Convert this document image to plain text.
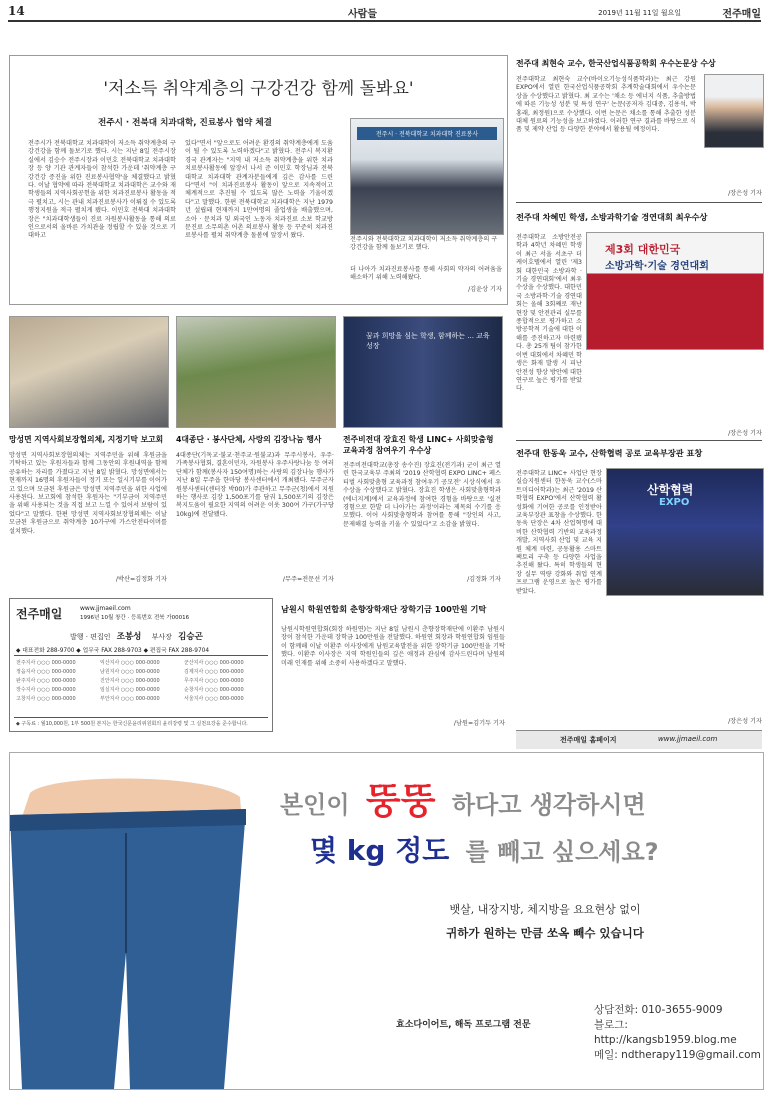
14	사람들	2019년 11월 11일 월요일	전주매일
'저소득 취약계층의 구강건강 함께 돌봐요'
전주시 · 전북대 치과대학, 진료봉사 협약 체결
전주시가 전북대학교 치과대학이 저소득 취약계층의 구강건강을 함께 돌보기로 했다. 시는 지난 8일 전주시장실에서 김승수 전주시장과 이민호 전북대학교 치과대학장 등 양 기관 관계자들이 참석한 가운데 '취약계층 구강건강 증진을 위한 진료봉사협약'을 체결했다고 밝혔다. 이날 협약에 따라 전북대학교 치과대학은 교수와 재학생들의 지역사회공헌을 위한 치과진료봉사 활동을 적극 펼치고, 시는 관내 치과진료봉사가 이뤄질 수 있도록 행정지원을 적극 펼치게 됐다. 이민호 전북대 치과대학장은 "치과대학생들이 진료 자원봉사활동을 통해 의료인으로서의 올바른 가치관을 정립할 수 있을 것으로 기대하고
있다"면서 "앞으로도 어려운 환경의 취약계층에게 도움이 될 수 있도록 노력하겠다"고 밝혔다. 전주시 복지환경국 관계자는 "지역 내 저소득 취약계층을 위한 치과치료봉사활동에 앞장서 나서 준 이민호 학장님과 전북대학교 치과대학 관계자분들에게 깊은 감사를 드린다"면서 "이 치과진료봉사 활동이 앞으로 지속적이고 체계적으로 추진될 수 있도록 많은 노력을 기울이겠다"고 말했다. 한편 전북대학교 치과대학은 지난 1979년 설립돼 현재까지 1만여명의 졸업생을 배출했으며, 소아 · 문치과 및 외국인 노동자 치과진료 소보 학교방문진료 소무의촌 어촌 의료봉사 활동 등 꾸준히 치과진료봉사를 펼쳐 취약계층 돌봄에 앞장서 왔다.
전주시 · 전북대학교 치과대학 진료봉사
전주시와 전북대학교 치과대학이 저소득 취약계층의 구강건강을 함께 돌보기로 했다.
더 나아가 치과진료봉사를 통해 사회의 약자의 어려움을 해소하기 위해 노력해왔다.
/김윤상 기자
꿈과 희망을 심는 학생, 함께하는 ... 교육성장
망성면 지역사회보장협의체, 지정기탁 보고회
망성면 지역사회보장협의체는 지역주민을 위해 후원금을 기탁하고 있는 후원자들과 함께 그동안의 후원내역을 함께 공유하는 자리를 가졌다고 지난 8일 밝혔다. 망성면에서는 현재까지 16명의 후원자들이 정기 또는 일시기부를 이어가고 있으며 모금된 후원금은 망성면 지역주민을 위한 사업에 사용된다. 보고회에 참석한 후원자는 "기부금이 지역주민을 위해 사용되는 것을 직접 보고 느낄 수 있어서 보람이 있었다"고 말했다. 한편 망성면 지역사회보장협의체는 이날 모금된 후원금으로 취약계층 10가구에 가스안전타이머를 설치했다.
/박산=김정화 기자
4대종단 · 봉사단체, 사랑의 김장나눔 행사
4대종단(기독교·불교·천주교·원불교)과 무주시봉사, 우주·가족봉사협회, 결혼이민자, 자원봉사 우주사랑나눔 등 여러 단체가 함께(봉사자 150여명)하는 사랑의 김장나눔 행사가 지난 8일 무주읍 한마당 봉사센터에서 개최됐다. 무주군자원봉사센터(센터장 박00)가 주관하고 무주군(청)에서 지원하는 행사로 김장 1,500포기를 담궈 1,500포기의 김장은 복지도움이 필요한 지역의 어려운 이웃 300여 가구(가구당 10kg)에 전달됐다.
/무주=전문선 기자
전주비전대 장효진 학생 LINC+ 사회맞춤형 교육과정 참여우기 우수상
전주비전대학교(총장 송수진) 장효진(전기과) 군이 최근 열린 한국교육부 주최의 '2019 산학협력 EXPO LINC+ 페스티벌 사회맞춤형 교육과정 참여우기 공모전' 시상식에서 우수상을 수상했다고 밝혔다. 장효진 학생은 사회맞춤형학과(에너지계)에서 교육과정에 참여한 경험을 바탕으로 '실전 경험으로 한발 더 나아가는 과정'이라는 제목의 수기를 응모했다. 이어 사회맞춤형학과 참여를 통해 "장인의 사고, 문제해결 능력을 키울 수 있었다"고 소감을 밝혔다.
/김정화 기자
전주매일	www.jjmaeil.com
1996년 10월 창간 · 등록번호 전북 가00016
발행 · 편집인 조봉성 부사장 김승곤
◆ 대표전화 288-9700 ◆ 업무국 FAX 288-9703 ◆ 편집국 FAX 288-9704
전주지사 ○○○ 000-0000	익산지사 ○○○ 000-0000	군산지사 ○○○ 000-0000
정읍지사 ○○○ 000-0000	남원지사 ○○○ 000-0000	김제지사 ○○○ 000-0000
완주지사 ○○○ 000-0000	진안지사 ○○○ 000-0000	무주지사 ○○○ 000-0000
장수지사 ○○○ 000-0000	임실지사 ○○○ 000-0000	순창지사 ○○○ 000-0000
고창지사 ○○○ 000-0000	부안지사 ○○○ 000-0000	서울지사 ○○○ 000-0000
◆ 구독료 : 월10,000원, 1부 500원 본지는 한국신문윤리위원회의 윤리강령 및 그 실천요강을 준수합니다.
남원시 학원연합회 춘향장학재단 장학기금 100만원 기탁
남원시학원연합회(회장 하원연)는 지난 8일 남원시 춘향장학재단에 이환주 남원시장이 참석한 가운데 장학금 100만원을 전달했다. 하원연 회장과 학원연합회 임원들이 함께해 이날 이환주 이사장에게 남원교육발전을 위한 장학기금 100만원을 기탁했다. 이환주 이사장은 지역 학원인들의 깊은 애정과 관심에 감사드린다며 남원의 미래 인재를 위해 소중히 사용하겠다고 말했다.
/남원=김기두 기자
전주대 최현숙 교수, 한국산업식품공학회 우수논문상 수상
전주대학교 최현숙 교수(바이오기능성식품학과)는 최근 강원 EXPO에서 열린 한국산업식품공학회 추계학술대회에서 우수논문상을 수상했다고 밝혔다. 최 교수는 '채소 등 에너지 식품, 추출방법에 따른 기능성 성분 및 특성 연구' 논문(공저자 김대중, 김용석, 박홍래, 최정원)으로 수상했다. 이번 논문은 채소를 통해 추출한 성분 대체 원료의 기능성을 보고하였다. 이러한 연구 결과를 바탕으로 식품 및 제약 산업 등 다양한 분야에서 활용될 예정이다.
/장은성 기자
전주대 차혜민 학생, 소방과학기술 경연대회 최우수상
제3회 대한민국
소방과학·기술 경연대회
전주대학교 소방안전공학과 4학년 차혜민 학생이 최근 서울 서초구 더케이호텔에서 열린 '제3회 대한민국 소방과학 · 기술 경연대회'에서 최우수상을 수상했다. 대한민국 소방과학·기술 경연대회는 올해 3회째로 재난현장 및 안전관리 실무를 종합적으로 평가하고 소방공학적 기술에 대한 이해를 증진하고자 마련됐다. 총 25개 팀이 참가한 이번 대회에서 차혜민 학생은 화재 발생 시 피난 안전성 향상 방안에 대한 연구로 높은 평가를 받았다.
/장은성 기자
전주대 한동욱 교수, 산학협력 공로 교육부장관 표창
산학협력
EXPO
전주대학교 LINC+ 사업단 현장실습지원센터 한동욱 교수(스마트미디어학과)는 최근 '2019 산학협력 EXPO'에서 산학협력 활성화에 기여한 공로를 인정받아 교육부장관 표창을 수상했다. 한동욱 단장은 4차 산업혁명에 대비한 산학협력 기반의 교육과정 개발, 지역사회 산업 및 교육 지원 체계 마련, 공동활용 스마트팩토리 구축 등 다양한 사업을 추진해 왔다. 특히 학생들의 현장 실무 역량 강화와 취업 연계 프로그램 운영으로 높은 평가를 받았다.
/장은성 기자
전주매일 홈페이지	www.jjmaeil.com
본인이 뚱뚱 하다고 생각하시면
몇 kg 정도 를 빼고 싶으세요?
뱃살, 내장지방, 체지방을 요요현상 없이
귀하가 원하는 만큼 쏘옥 빼수 있습니다
효소다이어트, 해독 프로그램 전문
상담전화: 010-3655-9009
블로그: http://kangsb1959.blog.me
메일: ndtherapy119@gmail.com
